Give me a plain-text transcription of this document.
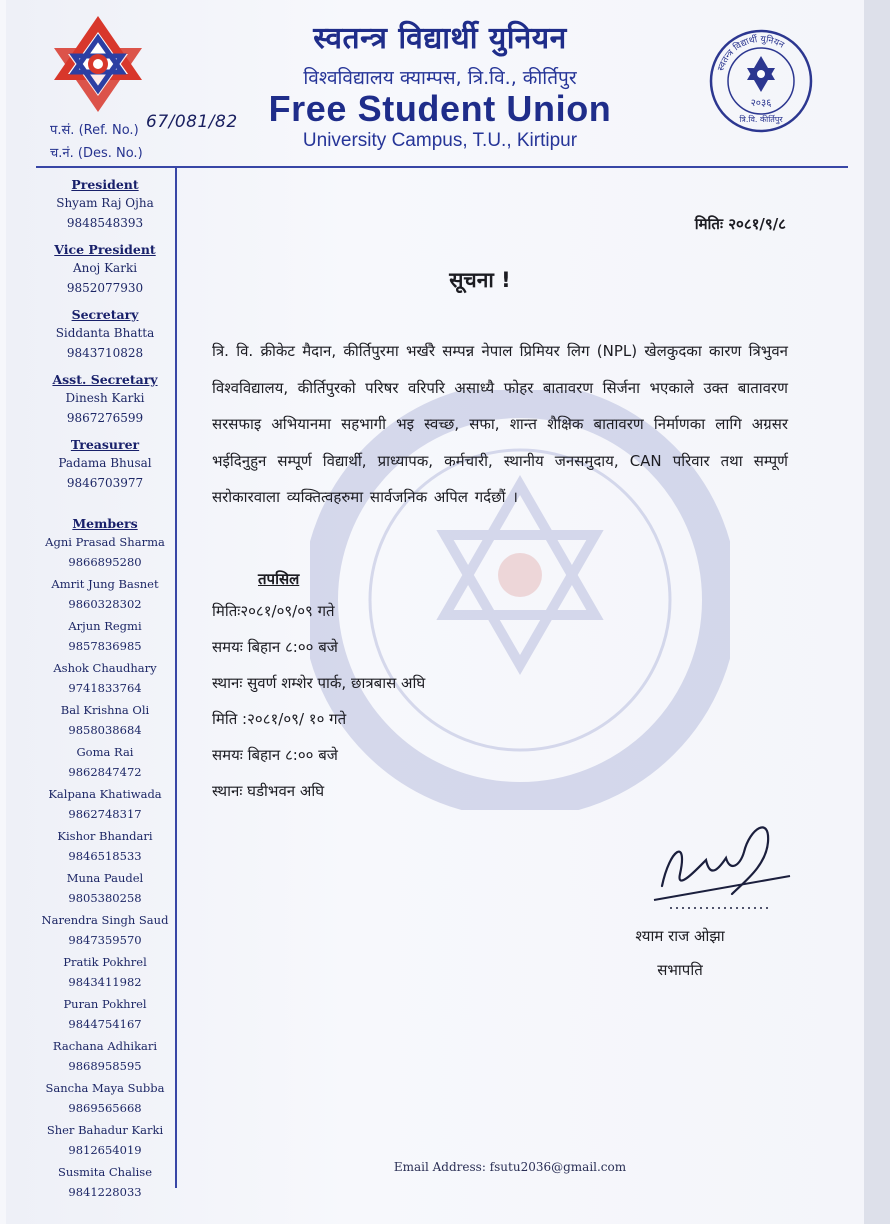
स्वतन्त्र विद्यार्थी युनियन
विश्वविद्यालय क्याम्पस, त्रि.वि., कीर्तिपुर
Free Student Union
University Campus, T.U., Kirtipur
स्वतन्त्र विद्यार्थी युनियन
२०३६
त्रि.वि. कीर्तिपुर
प.सं. (Ref. No.) 67/081/82
च.नं. (Des. No.)
President
Shyam Raj Ojha
9848548393
Vice President
Anoj Karki
9852077930
Secretary
Siddanta Bhatta
9843710828
Asst. Secretary
Dinesh Karki
9867276599
Treasurer
Padama Bhusal
9846703977
Members
Agni Prasad Sharma
9866895280
Amrit Jung Basnet
9860328302
Arjun Regmi
9857836985
Ashok Chaudhary
9741833764
Bal Krishna Oli
9858038684
Goma Rai
9862847472
Kalpana Khatiwada
9862748317
Kishor Bhandari
9846518533
Muna Paudel
9805380258
Narendra Singh Saud
9847359570
Pratik Pokhrel
9843411982
Puran Pokhrel
9844754167
Rachana Adhikari
9868958595
Sancha Maya Subba
9869565668
Sher Bahadur Karki
9812654019
Susmita Chalise
9841228033
मितिः २०८१/९/८
सूचना !
त्रि. वि. क्रीकेट मैदान, कीर्तिपुरमा भर्खरै सम्पन्न नेपाल प्रिमियर लिग (NPL) खेलकुदका कारण त्रिभुवन विश्वविद्यालय, कीर्तिपुरको परिषर वरिपरि असाध्यै फोहर बातावरण सिर्जना भएकाले उक्त बातावरण सरसफाइ अभियानमा सहभागी भइ स्वच्छ, सफा, शान्त शैक्षिक बातावरण निर्माणका लागि अग्रसर भईदिनुहुन सम्पूर्ण विद्यार्थी, प्राध्यापक, कर्मचारी, स्थानीय जनसमुदाय, CAN परिवार तथा सम्पूर्ण सरोकारवाला व्यक्तित्वहरुमा सार्वजनिक अपिल गर्दछौं ।
तपसिल
मितिः२०८१/०९/०९ गते
समयः बिहान ८:०० बजे
स्थानः सुवर्ण शम्शेर पार्क, छात्रबास अघि
मिति :२०८१/०९/ १० गते
समयः बिहान ८:०० बजे
स्थानः घडीभवन अघि
श्याम राज ओझा
सभापति
Email Address: fsutu2036@gmail.com
